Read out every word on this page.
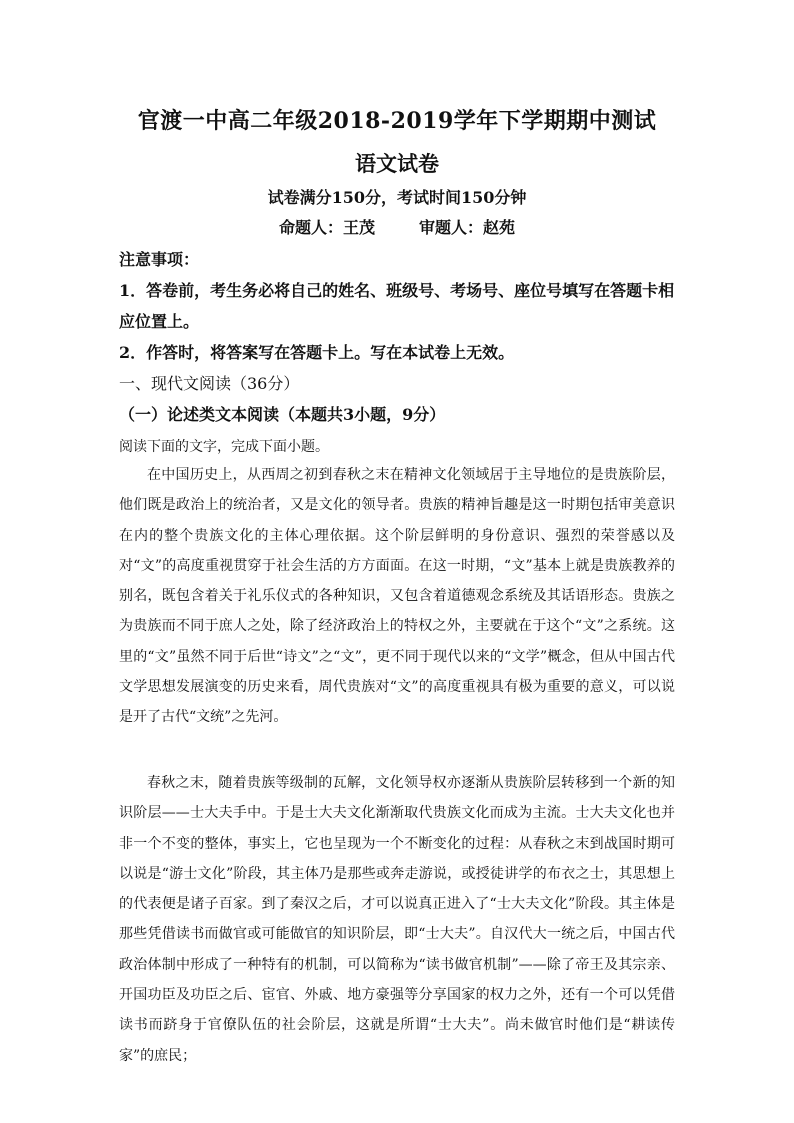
官渡一中高二年级2018-2019学年下学期期中测试
语文试卷
试卷满分150分，考试时间150分钟
命题人：王茂	审题人：赵苑

注意事项：

1．答卷前，考生务必将自己的姓名、班级号、考场号、座位号填写在答题卡相应位置上。

2．作答时，将答案写在答题卡上。写在本试卷上无效。

一、现代文阅读（36分）
（一）论述类文本阅读（本题共3小题，9分）
阅读下面的文字，完成下面小题。

在中国历史上，从西周之初到春秋之末在精神文化领域居于主导地位的是贵族阶层，他们既是政治上的统治者，又是文化的领导者。贵族的精神旨趣是这一时期包括审美意识在内的整个贵族文化的主体心理依据。这个阶层鲜明的身份意识、强烈的荣誉感以及对“文”的高度重视贯穿于社会生活的方方面面。在这一时期，“文”基本上就是贵族教养的别名，既包含着关于礼乐仪式的各种知识，又包含着道德观念系统及其话语形态。贵族之为贵族而不同于庶人之处，除了经济政治上的特权之外，主要就在于这个“文”之系统。这里的“文”虽然不同于后世“诗文”之“文”，更不同于现代以来的“文学”概念，但从中国古代文学思想发展演变的历史来看，周代贵族对“文”的高度重视具有极为重要的意义，可以说是开了古代“文统”之先河。

春秋之末，随着贵族等级制的瓦解，文化领导权亦逐渐从贵族阶层转移到一个新的知识阶层——士大夫手中。于是士大夫文化渐渐取代贵族文化而成为主流。士大夫文化也并非一个不变的整体，事实上，它也呈现为一个不断变化的过程：从春秋之末到战国时期可以说是“游士文化”阶段，其主体乃是那些或奔走游说，或授徒讲学的布衣之士，其思想上的代表便是诸子百家。到了秦汉之后，才可以说真正进入了“士大夫文化”阶段。其主体是那些凭借读书而做官或可能做官的知识阶层，即“士大夫”。自汉代大一统之后，中国古代政治体制中形成了一种特有的机制，可以简称为“读书做官机制”——除了帝王及其宗亲、开国功臣及功臣之后、宦官、外戚、地方豪强等分享国家的权力之外，还有一个可以凭借读书而跻身于官僚队伍的社会阶层，这就是所谓“士大夫”。尚未做官时他们是“耕读传家”的庶民；
